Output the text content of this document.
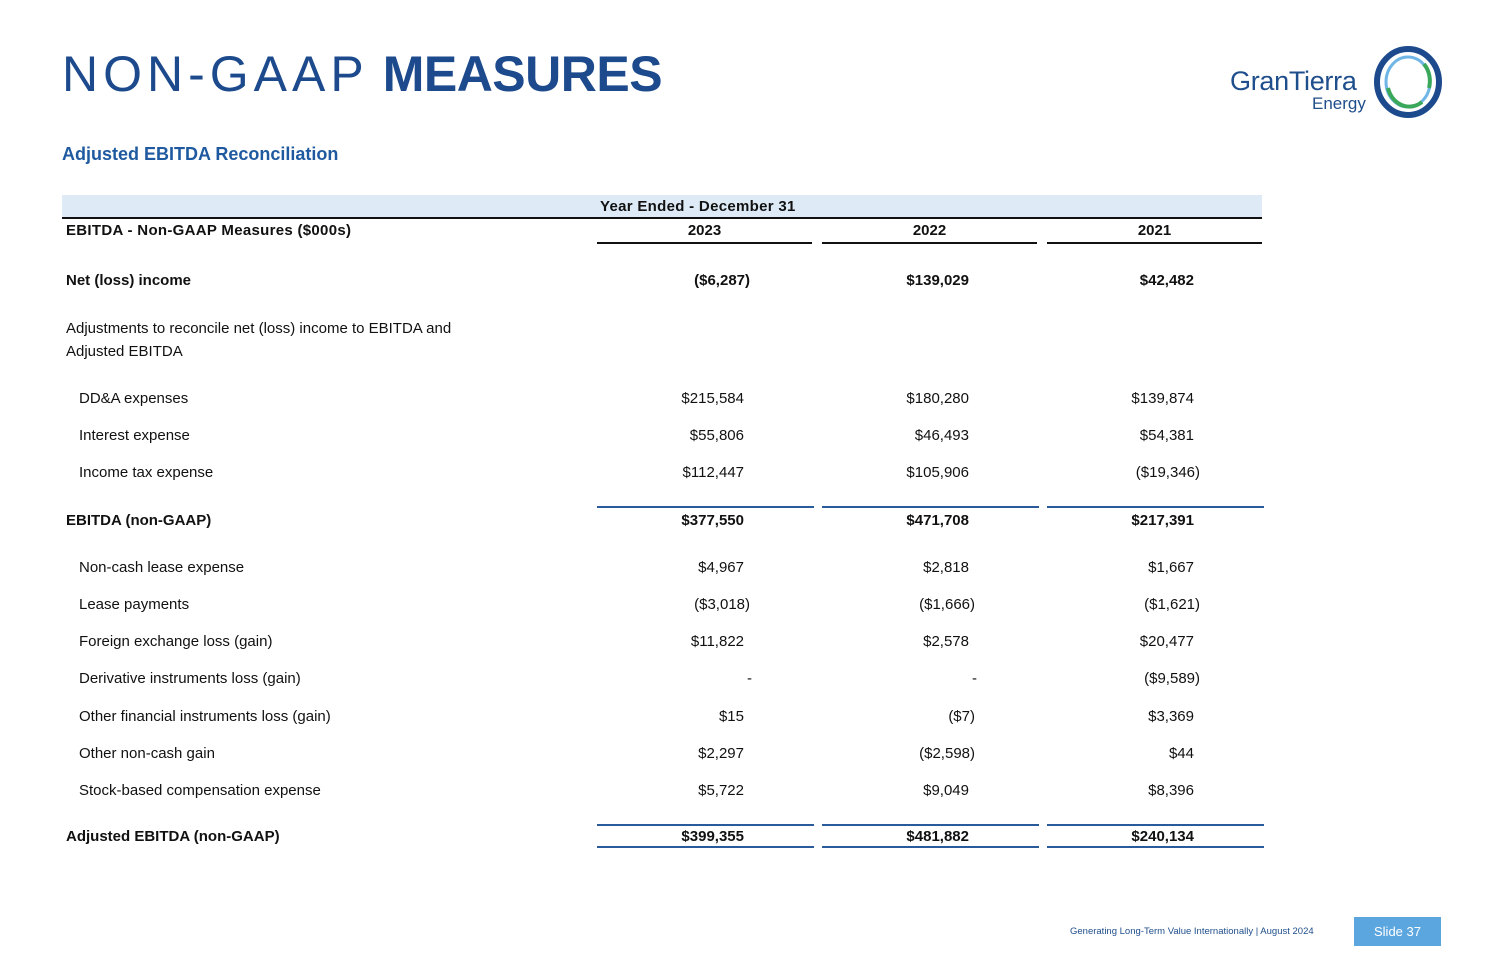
NON-GAAP MEASURES	GranTierra
Energy
Adjusted EBITDA Reconciliation
Year Ended - December 31
EBITDA - Non-GAAP Measures ($000s)	2023	2022	2021
Net (loss) income	($6,287)	$139,029	$42,482
Adjustments to reconcile net (loss) income to EBITDA and Adjusted EBITDA
DD&A expenses	$215,584	$180,280	$139,874
Interest expense	$55,806	$46,493	$54,381
Income tax expense	$112,447	$105,906	($19,346)
EBITDA (non-GAAP)	$377,550	$471,708	$217,391
Non-cash lease expense	$4,967	$2,818	$1,667
Lease payments	($3,018)	($1,666)	($1,621)
Foreign exchange loss (gain)	$11,822	$2,578	$20,477
Derivative instruments loss (gain)	-	-	($9,589)
Other financial instruments loss (gain)	$15	($7)	$3,369
Other non-cash gain	$2,297	($2,598)	$44
Stock-based compensation expense	$5,722	$9,049	$8,396
Adjusted EBITDA (non-GAAP)	$399,355	$481,882	$240,134
Generating Long-Term Value Internationally | August 2024	Slide 37
